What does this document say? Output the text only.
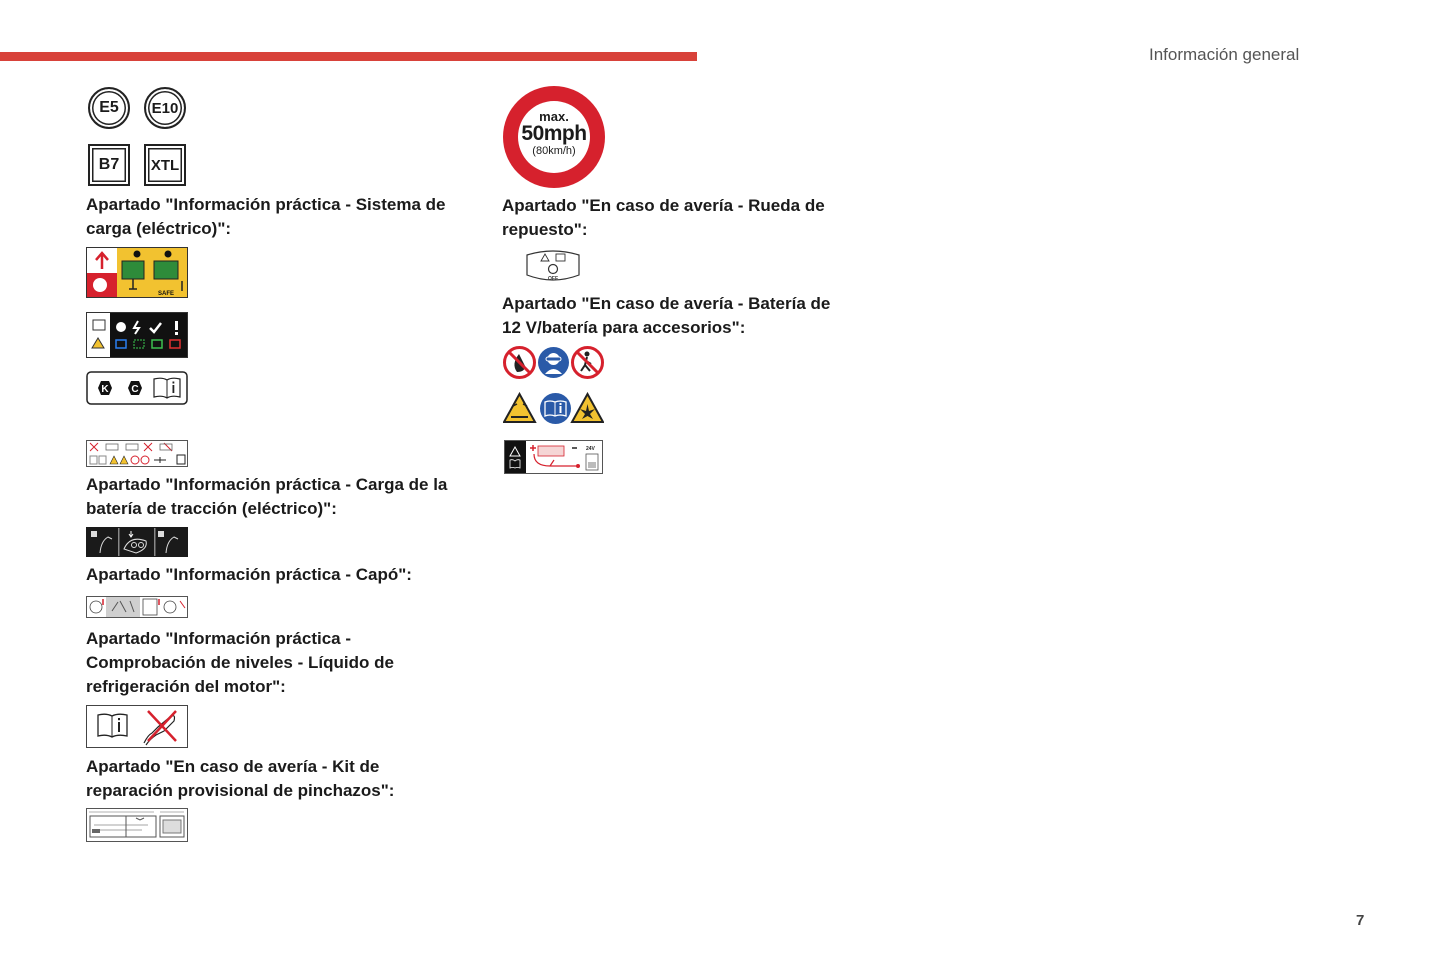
Información general
E5	E10
B7	XTL
Apartado "Información práctica - Sistema de
carga (eléctrico)":
SAFE
K C
Apartado "Información práctica - Carga de la
batería de tracción (eléctrico)":
Apartado "Información práctica - Capó":
Apartado "Información práctica -
Comprobación de niveles - Líquido de
refrigeración del motor":
Apartado "En caso de avería - Kit de
reparación provisional de pinchazos":
max.
50mph
(80km/h)
Apartado "En caso de avería - Rueda de
repuesto":
OFF
Apartado "En caso de avería - Batería de
12 V/batería para accesorios":
24V
7
